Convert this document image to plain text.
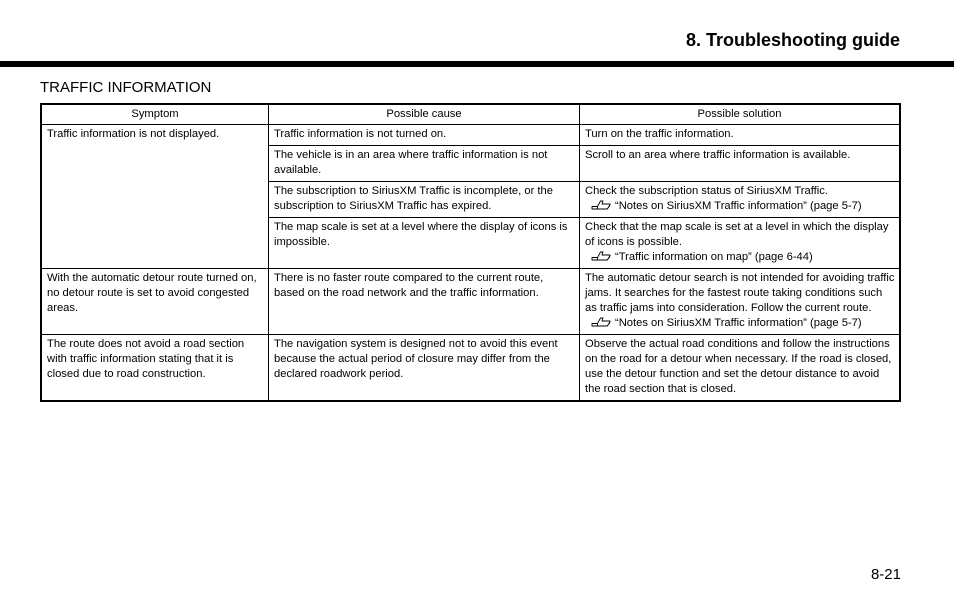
8. Troubleshooting guide
TRAFFIC INFORMATION
Symptom	Possible cause	Possible solution
Traffic information is not displayed.	Traffic information is not turned on.	Turn on the traffic information.
	The vehicle is in an area where traffic information is not available.	Scroll to an area where traffic information is available.
	The subscription to SiriusXM Traffic is incomplete, or the subscription to SiriusXM Traffic has expired.	Check the subscription status of SiriusXM Traffic.
“Notes on SiriusXM Traffic information” (page 5-7)

	The map scale is set at a level where the display of icons is impossible.	Check that the map scale is set at a level in which the display of icons is possible.
“Traffic information on map” (page 6-44)

With the automatic detour route turned on, no detour route is set to avoid congested areas.	There is no faster route compared to the current route, based on the road network and the traffic information.	The automatic detour search is not intended for avoiding traffic jams. It searches for the fastest route taking conditions such as traffic jams into consideration. Follow the current route.
“Notes on SiriusXM Traffic information” (page 5-7)

The route does not avoid a road section with traffic information stating that it is closed due to road construction.	The navigation system is designed not to avoid this event because the actual period of closure may differ from the declared roadwork period.	Observe the actual road conditions and follow the instructions on the road for a detour when necessary. If the road is closed, use the detour function and set the detour distance to avoid the road section that is closed.
8-21
